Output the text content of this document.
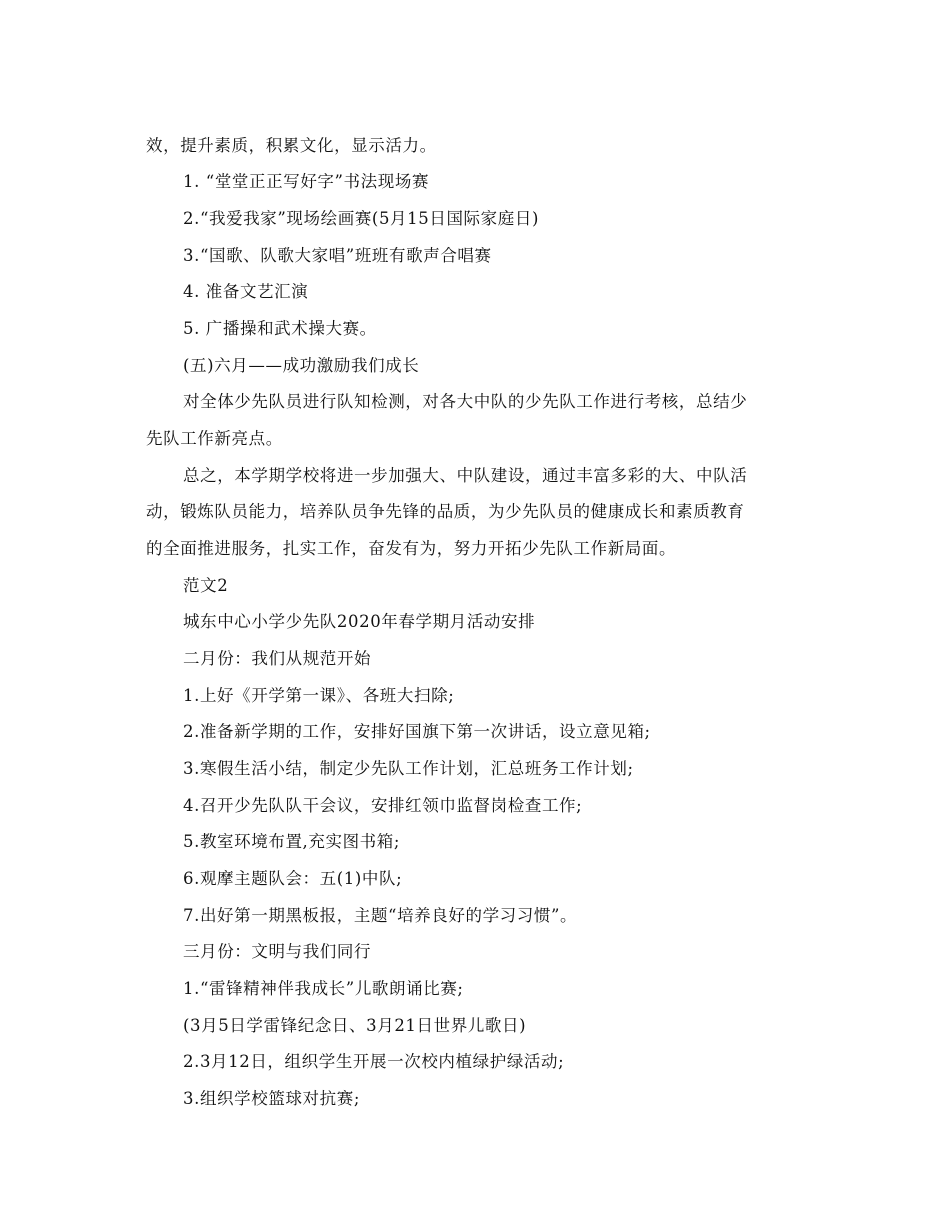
效，提升素质，积累文化，显示活力。

1. “堂堂正正写好字”书法现场赛

2.“我爱我家”现场绘画赛(5月15日国际家庭日)

3.“国歌、队歌大家唱”班班有歌声合唱赛

4. 准备文艺汇演

5. 广播操和武术操大赛。

(五)六月——成功激励我们成长

对全体少先队员进行队知检测，对各大中队的少先队工作进行考核，总结少

先队工作新亮点。

总之，本学期学校将进一步加强大、中队建设，通过丰富多彩的大、中队活

动，锻炼队员能力，培养队员争先锋的品质，为少先队员的健康成长和素质教育

的全面推进服务，扎实工作，奋发有为，努力开拓少先队工作新局面。

范文2

城东中心小学少先队2020年春学期月活动安排

二月份：我们从规范开始

1.上好《开学第一课》、各班大扫除;

2.准备新学期的工作，安排好国旗下第一次讲话，设立意见箱;

3.寒假生活小结，制定少先队工作计划，汇总班务工作计划;

4.召开少先队队干会议，安排红领巾监督岗检查工作;

5.教室环境布置,充实图书箱;

6.观摩主题队会：五(1)中队;

7.出好第一期黑板报，主题“培养良好的学习习惯”。

三月份：文明与我们同行

1.“雷锋精神伴我成长”儿歌朗诵比赛;

(3月5日学雷锋纪念日、3月21日世界儿歌日)

2.3月12日，组织学生开展一次校内植绿护绿活动;

3.组织学校篮球对抗赛;
